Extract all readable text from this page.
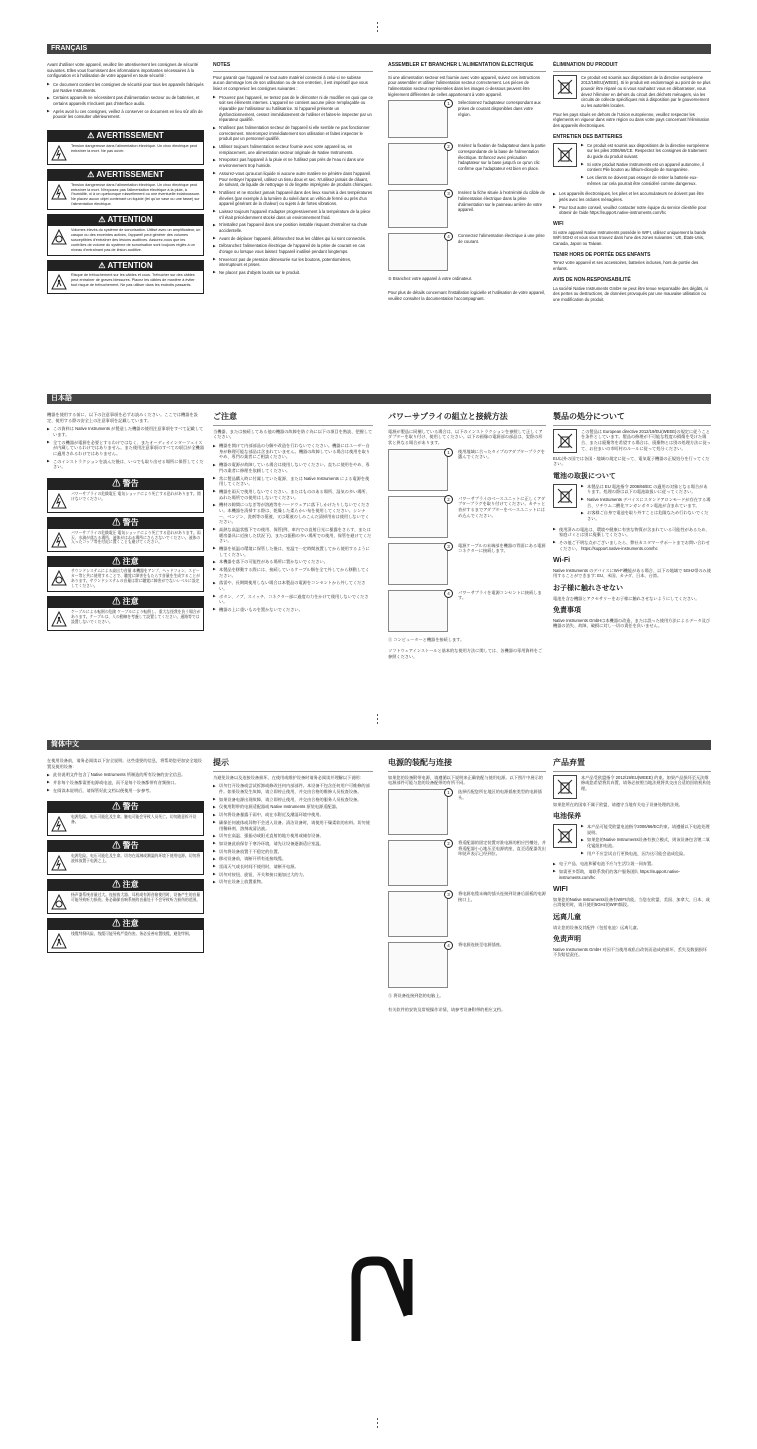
FRANÇAIS
Avant d'utiliser votre appareil, veuillez lire attentivement les consignes de sécurité suivantes. Elles vous fournissent des informations importantes nécessaires à la configuration et à l'utilisation de votre appareil en toute sécurité :
▶ Ce document contient les consignes de sécurité pour tous les appareils fabriqués par Native Instruments.
▶ Certains appareils ne nécessitent pas d'alimentation secteur ou de batteries, et certains appareils n'incluent pas d'interface audio.
▶ Après avoir lu ces consignes, veillez à conserver ce document en lieu sûr afin de pouvoir les consulter ultérieurement.
⚠ AVERTISSEMENT
Tension dangereuse dans l'alimentation électrique. Un choc électrique peut entraîner la mort. Ne pas ouvrir.
⚠ AVERTISSEMENT
Tension dangereuse dans l'alimentation électrique. Un choc électrique peut entraîner la mort. N'exposez pas l'alimentation électrique à la pluie, à l'humidité, ni à un quelconque ruissellement ou une éventuelle éclaboussure. Ne placez aucun objet contenant un liquide (tel qu'un vase ou une tasse) sur l'alimentation électrique.
⚠ ATTENTION
Volumes élevés du système de sonorisation. Utilisé avec un amplificateur, un casque ou des enceintes actives, l'appareil peut générer des volumes susceptibles d'entraîner des lésions auditives. Assurez-vous que les contrôles de volume du système de sonorisation sont toujours réglés à un niveau d'entraînant pas de lésion auditive.
⚠ ATTENTION
Risque de trébuchement sur les câbles et cous. Trébucher sur des câbles peut entraîner de graves blessures. Placez les câbles de manière à éviter tout risque de trébuchement. Ne pas utiliser dans les endroits passants.
NOTES
Pour garantir que l'appareil ne tout autre matériel connecté à celui-ci ne subisse aucun dommage lors de son utilisation ou de son entretien, il est impératif que vous lisiez et compreniez les consignes suivantes :
▶ Prouvrez pas l'appareil, ne tentez pas de le démonter ni de modifier en quoi que ce soit ses éléments internes. L'appareil ne contient aucune pièce remplaçable ou réparable par l'utilisateur ou l'utilisatrice. Si l'appareil présente un dysfonctionnement, cessez immédiatement de l'utiliser et faites-le inspecter par un réparateur qualifié.
▶ N'utilisez pas l'alimentation secteur de l'appareil si elle semble ne pas fonctionner correctement. Interrompez immédiatement son utilisation et faites inspecter le produit par un personnel qualifié.
▶ Utilisez toujours l'alimentation secteur fournie avec votre appareil ou, en remplacement, une alimentation secteur originale de Native Instruments.
▶ N'exposez pas l'appareil à la pluie et ne l'utilisez pas près de l'eau ni dans une environnement trop humide.
▶ Assurez-vous qu'aucun liquide ni aucune autre matière ne pénètre dans l'appareil. Pour nettoyer l'appareil, utilisez un tissu doux et sec. N'utilisez jamais de diluant, de solvant, de liquide de nettoyage ni de lingette imprégnée de produits chimiques.
▶ N'utilisez et ne stockez jamais l'appareil dans des lieux soumis à des températures élevées (par exemple à la lumière du soleil dans un véhicule fermé ou près d'un appareil générant de la chaleur) ou sujets à de fortes vibrations.
▶ Laissez toujours l'appareil s'adapter progressivement à la température de la pièce s'il était précédemment stocké dans un environnement froid.
▶ N'installez pas l'appareil dans une position instable risquant d'entraîner sa chute accidentelle.
▶ Avant de déplacer l'appareil, débranchez tous les câbles qui lui sont connectés.
▶ Débranchez l'alimentation électrique de l'appareil de la prise de courant en cas d'orage ou lorsque vous laissez l'appareil inutilisé pendant longtemps.
▶ N'exercez pas de pression démesurée sur les boutons, potentiomètres, interrupteurs et prises.
▶ Ne placez pas d'objets lourds sur le produit.
ASSEMBLER ET BRANCHER L'ALIMENTATION ÉLECTRIQUE
Si une alimentation secteur est fournie avec votre appareil, suivez ces instructions pour assembler et utiliser l'alimentation secteur correctement. Les pièces de l'alimentation secteur représentées dans les images ci-dessous peuvent être légèrement différentes de celles appartenant à votre appareil.
1	Sélectionnez l'adaptateur correspondant aux prises de courant disponibles dans votre région.
2	Insérez la fixation de l'adaptateur dans la partie correspondante de la base de l'alimentation électrique. Enfoncez avec précaution l'adaptateur sur la base jusqu'à ce qu'un clic confirme que l'adaptateur est bien en place.
3	Insérez la fiche située à l'extrémité du câble de l'alimentation électrique dans la prise d'alimentation sur le panneau arrière de votre appareil.
4	Connectez l'alimentation électrique à une prise de courant.
⑤ Branchez votre appareil à votre ordinateur.
Pour plus de détails concernant l'installation logicielle et l'utilisation de votre appareil, veuillez consulter la documentation l'accompagnant.
ÉLIMINATION DU PRODUIT
Ce produit est soumis aux dispositions de la directive européenne 2012/19/EU(WEEE). Si le produit est endommagé au point de ne plus pouvoir être réparé ou si vous souhaitez vous en débarrasser, vous devez l'éliminer en dehors du circuit des déchets ménagers, via les circuits de collecte spécifiques mis à disposition par le gouvernement ou les autorités locales.
Pour les pays situés en dehors de l'Union européenne, veuillez respecter les règlements en vigueur dans votre région ou dans votre pays concernant l'élimination des appareils électroniques.
ENTRETIEN DES BATTERIES
▶ Ce produit est soumis aux dispositions de la directive européenne sur les piles 2006/66/CE. Respectez les consignes de traitement du guide du produit suivant.
▶ Si votre produit Native Instruments est un appareil autonome, il contient Pile bouton au lithium-dioxyde de manganèse.
▶ Les clients ne doivent pas essayer de retirer la batterie eux-mêmes car cela pourrait être considéré comme dangereux.
▶ Les appareils électroniques, les piles et les accumulateurs ne doivent pas être jetés avec les ordures ménagères.
▶ Pour tout autre conseil, veuillez contacter notre équipe du service clientèle pour obtenir de l'aide https://support.native-instruments.com/hc
WIFI
Si votre appareil Native Instruments possède le WIFI, utilisez uniquement la bande WiFi 5GHz et vous vous trouvez dans l'une des zones suivantes : UE, États-Unis, Canada, Japon ou Taiwan.
TENIR HORS DE PORTÉE DES ENFANTS
Tenez votre appareil et ses accessoires, batteries incluses, hors de portée des enfants.
AVIS DE NON-RESPONSABILITÉ
La société Native Instruments GmbH ne peut être tenue responsable des dégâts, ni des pertes ou destructions, de données provoqués par une mauvaise utilisation ou une modification du produit.
日本語
機器を使用する前に、以下の注意事項を必ずお読みください。ここでは機器を設定、使用する際の安全上の注意事項を記載しています。
▶ この資料は Native Instruments が製造した機器の使用注意事項をすべて記載しています。
▶ 全ての機器が電源を必要とするわけではなく、またオーディオインターフェイスが内蔵しているわけではありません。また使用注意事項のすべての項目が全機器に適用されるわけではありません。
▶ このインストラクションを読んだ後は、いつでも取り出せる場所に保管してください。
⚠ 警告
パワーサプライの危険電圧 電気ショックにより死亡する恐れがあります。開けないでください。
⚠ 警告
パワーサプライの危険電圧 電気ショックにより死亡する恐れがあります。雨天、水滴が落ちる場所、液体がはねる場所にさらさないでください。液体の入ったコップ等を付近に置くことも避けてください。
⚠ 注意
サウンドシステムによる高出力音量 本機器をアンプ、ヘッドフォン、スピーカー等と共に使用することで、聴覚に障害をもたらす音量を生成することがあります。サウンドシステムの音量は常に聴覚に障害がでないレベルに設定してください。
⚠ 注意
ケーブルによる転倒の危険 ケーブルにより転倒し、重大な怪我を負う場合があります。ケーブルは、人の動線を考慮して設置してください。通路等では設置しないでください。
ご注意
当機器、または接続してある他の機器の故障を防ぐ為に以下の項目を熟読、把握してください。
▶ 機器を開けて内部部品の分解や改造を行わないでください。機器にはユーザー自身が修理可能な部品は含まれていません。機器の故障している場合は使用を取りやめ、専門の業者にご相談ください。
▶ 機器の電源が故障している場合は使用しないでください。直ちに使用をやめ、専門の業者に修理を依頼してください。
▶ 常に製品購入時に付属していた電源、または Native Instruments による電源を使用してください。
▶ 機器を雨天で使用しないでください。またはもののある場所、湿気の多い場所、ぬれた場所での使用はしないでください。
▶ 機材の隙間につなぎ等が溶液等をハードウェアに落下しかけたりしないでください。本機器を清掃する際は、乾燥した柔らかい布を使用してください。シンナー、ベンジン、洗剤等の薬液、又は薬液のしみこんだ清掃用布は使用しないでください。
▶ 高熱な高温状態下での使用、保管(例、車内での直射日光に暴露をさらす、または暖房器具に近接した状況下)、または振動の多い場所での使用、保管を避けてください。
▶ 機器を低温の環境に保管した後は、室温で一定時間放置してから使用するようにしてください。
▶ 本機器を落下の可能性がある場所に置かないでください。
▶ 本製品を移動する際には、接続しているケーブル類を全て外してから移動してください。
▶ 落雷や、長期間使用しない場合は本製品の電源をコンセントから外してください。
▶ ボタン、ノブ、スイッチ、コネクター部に過度の力をかけて使用しないでください。
▶ 機器の上に重いものを置かないでください。
パワーサプライの組立と接続方法
電源が製品に同梱している場合は、以下のインストラクションを参照して正しくアダプターを取り付け、使用してください。以下の画像の電源部の部品は、実際の形状と異なる場合があります。
1	使用地域に合ったタイプのアダプタープラグを選んでください。
2	パワーサプライのベースユニットに正しくアダプタープラグを取り付けてください。カチッと音がするまでアダプターをベースユニットにはめ込んでください。
3	電源ケーブルの末端部を機器の背面にある電源コネクターに接続します。
4	パワーサプライを電源コンセントに接続します。
⑤ コンピューターと機器を接続します。
ソフトウェアインストールと基本的な使用方法に関しては、各機器の専用資料をご参照ください。
製品の処分について
この製品は European directive 2012/19/EU(WEEE)の規定に従うことを条件としています。製品の修理が不可能な程度の損傷を受けた場合、または廃棄等を希望する場合は、廃棄物とは別の処理方法に従って、お住まいの市町村のルールに従って処分ください。
EU以外の国では各国・地域の規定に従って、電気電子機器の正規処分を行ってください。
電池の取扱について
▶ 本製品は EU 電池指令 2006/66/EC の適用の対象となる場合があります。処理の際は以下の電池取扱いに従ってください。
▶ Native Instruments デバイスにスタンドアロンモードが存在する場合、リチウム二酸化マンガンボタン電池が含まれています。
▶ お客様ご自身で電池を取り外すことは危険なため行わないでください。
▶ 使用済みの電池は、環境や健康に有害な物質が含まれている可能性があるため、家庭ゴミとは別に廃棄してください。
▶ その他ご不明な点がございましたら、弊社カスタマーサポートまでお問い合わせください。 https://support.native-instruments.com/hc
Wi-Fi
Native Instruments のデバイスにWi-Fi機能がある場合、以下の地域で 5GHz帯のみ使用することができます: EU、米国、カナダ、日本、台湾。
お子様に触れさせない
電池を含む機器とアクセサリーをお子様に触れさせないようにしてください。
免責事項
Native Instruments GmbHは本機器の改造、または誤った使用方法によるデータ及び機器の消失、故障、破損に対し一切の責任を負いません。
简体中文
在使用设备前，请务必阅读以下安全说明。这些重要的信息，将帮助您更加安全地设置及使用设备：
▶ 此份说明文件包含了Native Instruments 所制造的所有设备的安全信息。
▶ 并非每个设备都需要电源或电池，而不是每个设备都带有音频接口。
▶ 在阅读本说明后，请保管好此文档以便使用一步参考。
⚠ 警告
电源危险。电压可能危及生命。触电可能会导致人员死亡。切勿随意拆开设备。
⚠ 警告
电源危险。电压可能危及生命。切勿在雨淋或潮湿的环境下使用电源。切勿将液体放置于电源之上。
⚠ 注意
扬声器系统音量过大。连接放大器、耳机或有源音箱使用时，设备产生的音量可能导致听力损伤。务必确保音响系统的音量处于不会导致听力损伤的范围。
⚠ 注意
线缆绊倒风险。线缆可能导致严重伤害。务必妥善布置线缆，避免绊倒。
提示
为避免设备以及连接设备损坏，在使用或维护设备时请务必阅读并理解以下说明：
▶ 切勿打开设备或尝试拆卸或修改任何内部部件。本设备不包含任何用户可维修的部件。如果设备发生故障，请立即停止使用，并交由合格的维修人员检查设备。
▶ 如果设备电源出现故障，请立即停止使用，并交由合格的服务人员检查设备。
▶ 仅使用附带的电源适配器或 Native Instruments 原装电源适配器。
▶ 切勿将设备暴露于雨中，或在水附近及潮湿环境中使用。
▶ 确保任何液体或异物不会进入设备。清洁设备时，请使用干燥柔软的布料。切勿使用稀释剂、溶剂或清洁液。
▶ 切勿在高温、强振动或阳光直射的地方使用或储存设备。
▶ 如设备此前保存于寒冷环境，请先让设备逐渐适应室温。
▶ 切勿将设备放置于不稳定的位置。
▶ 移动设备前，请断开所有连接线缆。
▶ 雷雨天气或长时间不使用时，请断开电源。
▶ 切勿对按钮、旋钮、开关和接口施加过大的力。
▶ 切勿在设备上放置重物。
电源的装配与连接
如果您的设备附带电源，请遵循以下说明来正确装配与使用电源。以下图片中展示的电源部件可能与您的设备配带的有所不同。
1	选择匹配您所在地区的电源插座类型的电源插头。
2	将适配器的固定装置对准电源的相应凹槽处，并将适配器小心地压至电源底座，直至适配器发出咔哒声表示已经到位。
3	将电源电缆末端的插头连接到设备后面板的电源接口上。
4	将电源连接至电源插座。
⑤ 将设备连接到您的电脑上。
有关软件的安装及常规操作详情，请参考设备附带的相应文档。
产品弃置
本产品受欧盟指令 2012/19/EU(WEEE) 约束。如果产品损坏至无法维修或您希望将其弃置，请务必按照当地法规将其交由合适的回收机构处理。
如果您所在的国家不属于欧盟，请遵守当地有关电子设备处理的法规。
电池保养
▶ 本产品可能受欧盟电池指令2006/66/EC约束。请遵循以下电池处理说明。
▶ 如果您的Native Instruments设备有独立模式，则该设备包含锂二氧化锰纽扣电池。
▶ 用户不应尝试自行更换电池，因为这可能会造成危险。
▶ 电子产品、电池和蓄电池不应与生活垃圾一同弃置。
▶ 如需更多帮助，请联系我们的客户服务团队 https://support.native-instruments.com/hc
WIFI
如果您的Native Instruments设备有WIFI功能，当您在欧盟、美国、加拿大、日本、或台湾使用时，请只使用5GHz的WIFI频段。
远离儿童
请让您的设备及其配件（包括电池）远离儿童。
免责声明
Native Instruments GmbH 对因不当使用或私自改装而造成的损坏、丢失及数据损坏不负赔偿责任。
